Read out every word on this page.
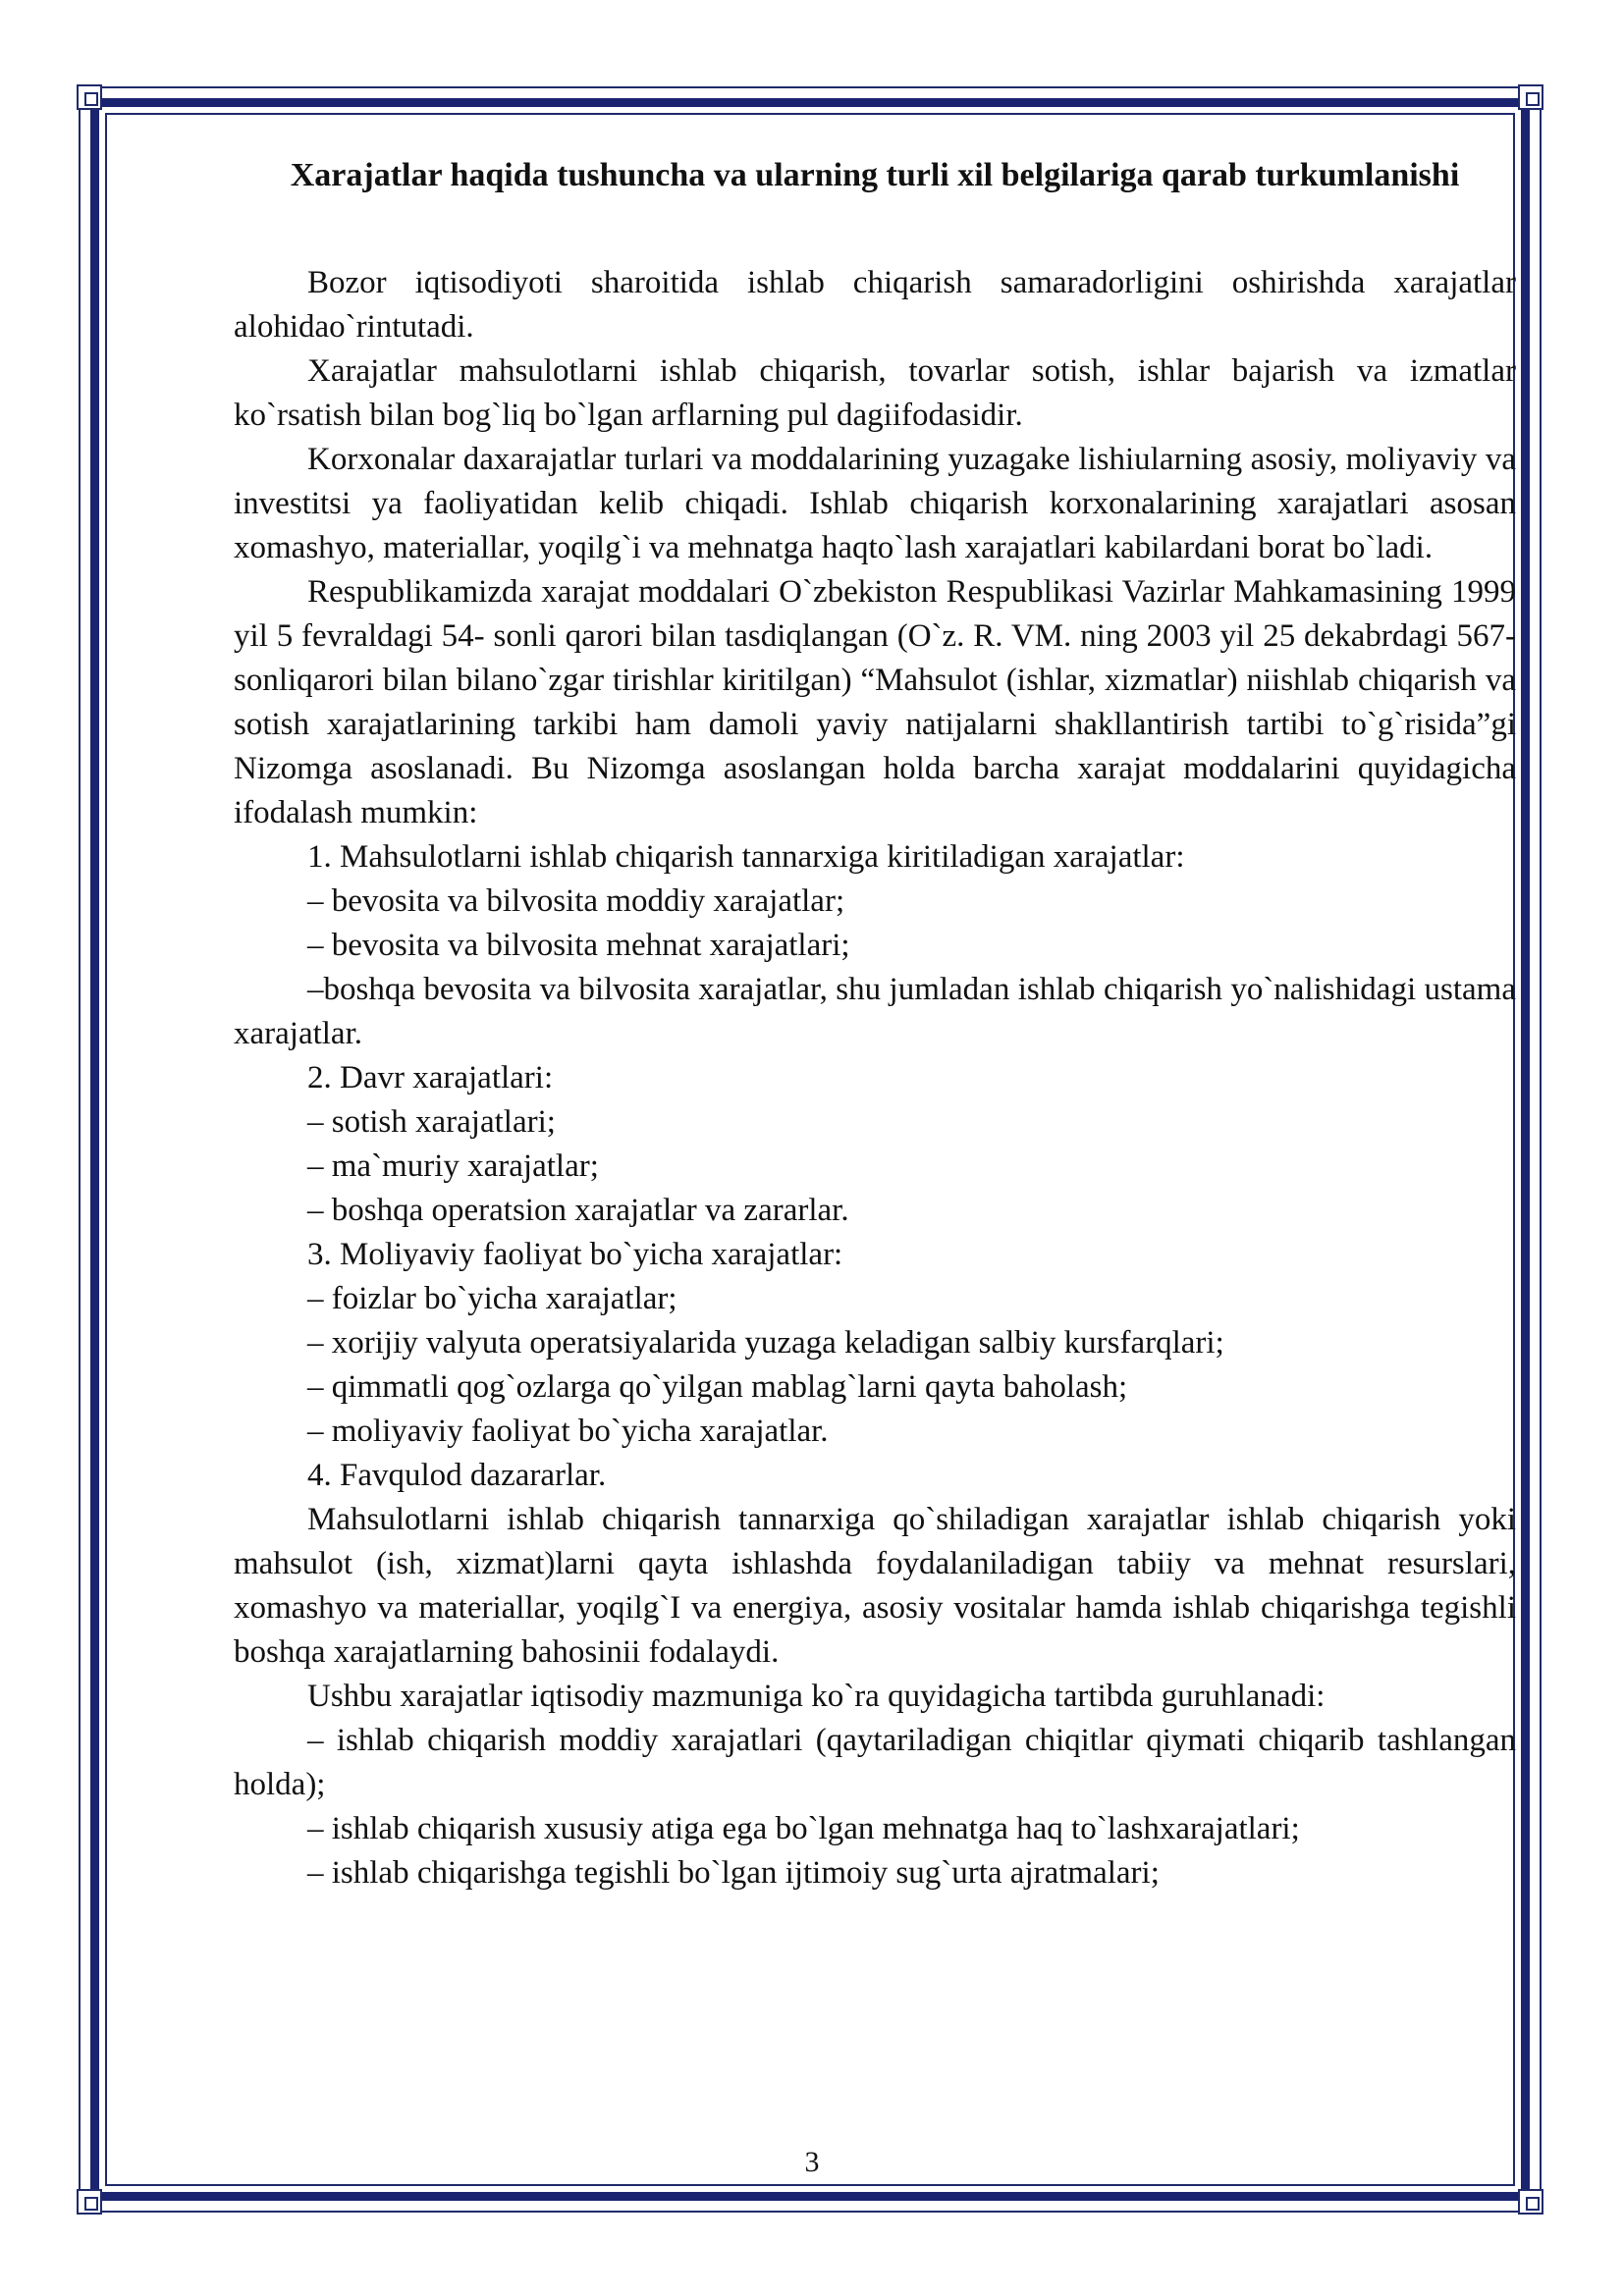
Xarajatlar haqida tushuncha va ularning turli xil belgilariga qarab turkumlanishi

Bozor iqtisodiyoti sharoitida ishlab chiqarish samaradorligini oshirishda xarajatlar alohidao`rintutadi.

Xarajatlar mahsulotlarni ishlab chiqarish, tovarlar sotish, ishlar bajarish va izmatlar ko`rsatish bilan bog`liq bo`lgan arflarning pul dagiifodasidir.

Korxonalar daxarajatlar turlari va moddalarining yuzagake lishiularning asosiy, moliyaviy va investitsi ya faoliyatidan kelib chiqadi. Ishlab chiqarish korxonalarining xarajatlari asosan xomashyo, materiallar, yoqilg`i va mehnatga haqto`lash xarajatlari kabilardani borat bo`ladi.

Respublikamizda xarajat moddalari O`zbekiston Respublikasi Vazirlar Mahkamasining 1999 yil 5 fevraldagi 54- sonli qarori bilan tasdiqlangan (O`z. R. VM. ning 2003 yil 25 dekabrdagi 567-sonliqarori bilan bilano`zgar tirishlar kiritilgan) “Mahsulot (ishlar, xizmatlar) niishlab chiqarish va sotish xarajatlarining tarkibi ham damoli yaviy natijalarni shakllantirish tartibi to`g`risida”gi Nizomga asoslanadi. Bu Nizomga asoslangan holda barcha xarajat moddalarini quyidagicha ifodalash mumkin:

1. Mahsulotlarni ishlab chiqarish tannarxiga kiritiladigan xarajatlar:

– bevosita va bilvosita moddiy xarajatlar;

– bevosita va bilvosita mehnat xarajatlari;

–boshqa bevosita va bilvosita xarajatlar, shu jumladan ishlab chiqarish yo`nalishidagi ustama xarajatlar.

2. Davr xarajatlari:

– sotish xarajatlari;

– ma`muriy xarajatlar;

– boshqa operatsion xarajatlar va zararlar.

3. Moliyaviy faoliyat bo`yicha xarajatlar:

– foizlar bo`yicha xarajatlar;

– xorijiy valyuta operatsiyalarida yuzaga keladigan salbiy kursfarqlari;

– qimmatli qog`ozlarga qo`yilgan mablag`larni qayta baholash;

– moliyaviy faoliyat bo`yicha xarajatlar.

4. Favqulod dazararlar.

Mahsulotlarni ishlab chiqarish tannarxiga qo`shiladigan xarajatlar ishlab chiqarish yoki mahsulot (ish, xizmat)larni qayta ishlashda foydalaniladigan tabiiy va mehnat resurslari, xomashyo va materiallar, yoqilg`I va energiya, asosiy vositalar hamda ishlab chiqarishga tegishli boshqa xarajatlarning bahosinii fodalaydi.

Ushbu xarajatlar iqtisodiy mazmuniga ko`ra quyidagicha tartibda guruhlanadi:

– ishlab chiqarish moddiy xarajatlari (qaytariladigan chiqitlar qiymati chiqarib tashlangan holda);

– ishlab chiqarish xususiy atiga ega bo`lgan mehnatga haq to`lashxarajatlari;

– ishlab chiqarishga tegishli bo`lgan ijtimoiy sug`urta ajratmalari;

3
